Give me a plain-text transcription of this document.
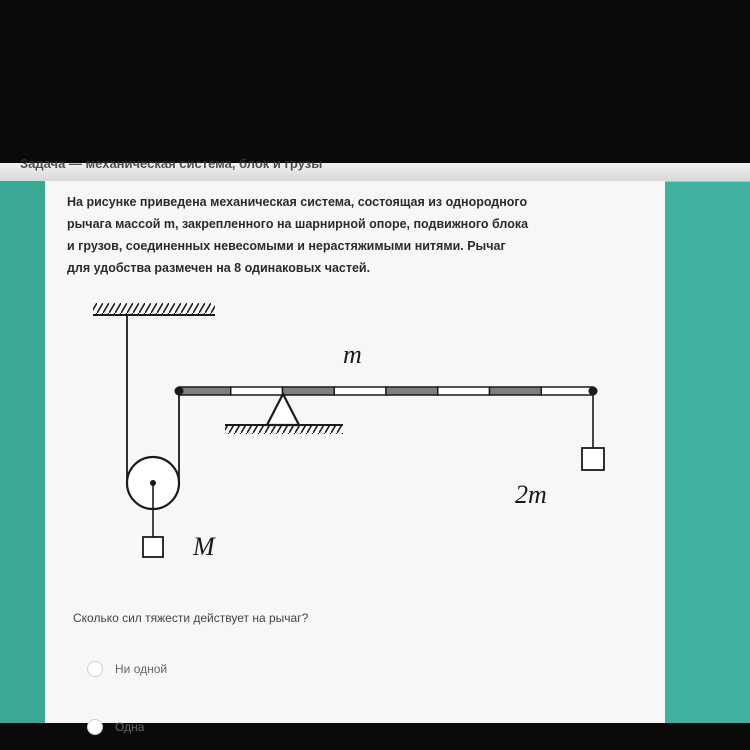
Задача — механическая система, блок и грузы

На рисунке приведена механическая система, состоящая из однородного

рычага массой m, закрепленного на шарнирной опоре, подвижного блока

и грузов, соединенных невесомыми и нерастяжимыми нитями. Рычаг

для удобства размечен на 8 одинаковых частей.

M
m
2m
Сколько сил тяжести действует на рычаг?
Ни одной
Одна
